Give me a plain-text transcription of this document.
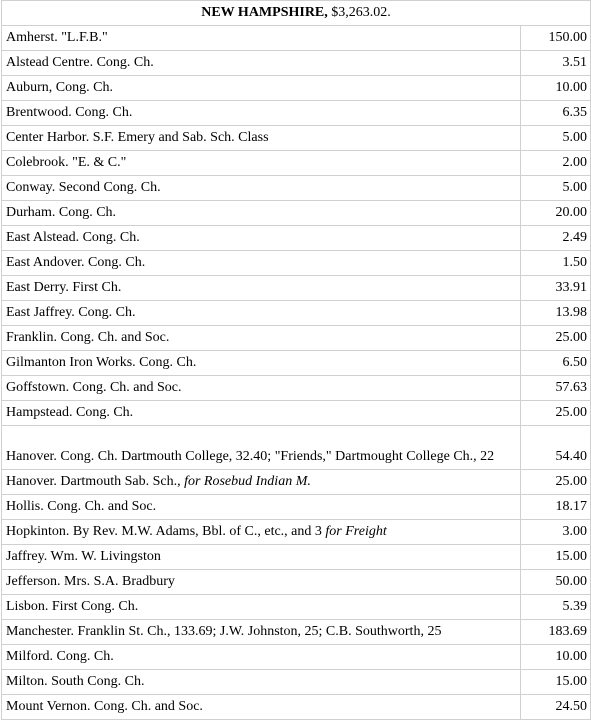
NEW HAMPSHIRE, $3,263.02.	
Amherst. "L.F.B."	150.00
Alstead Centre. Cong. Ch.	3.51
Auburn, Cong. Ch.	10.00
Brentwood. Cong. Ch.	6.35
Center Harbor. S.F. Emery and Sab. Sch. Class	5.00
Colebrook. "E. & C."	2.00
Conway. Second Cong. Ch.	5.00
Durham. Cong. Ch.	20.00
East Alstead. Cong. Ch.	2.49
East Andover. Cong. Ch.	1.50
East Derry. First Ch.	33.91
East Jaffrey. Cong. Ch.	13.98
Franklin. Cong. Ch. and Soc.	25.00
Gilmanton Iron Works. Cong. Ch.	6.50
Goffstown. Cong. Ch. and Soc.	57.63
Hampstead. Cong. Ch.	25.00
Hanover. Cong. Ch. Dartmouth College, 32.40; "Friends," Dartmought College Ch., 22	54.40
Hanover. Dartmouth Sab. Sch., for Rosebud Indian M.	25.00
Hollis. Cong. Ch. and Soc.	18.17
Hopkinton. By Rev. M.W. Adams, Bbl. of C., etc., and 3 for Freight	3.00
Jaffrey. Wm. W. Livingston	15.00
Jefferson. Mrs. S.A. Bradbury	50.00
Lisbon. First Cong. Ch.	5.39
Manchester. Franklin St. Ch., 133.69; J.W. Johnston, 25; C.B. Southworth, 25	183.69
Milford. Cong. Ch.	10.00
Milton. South Cong. Ch.	15.00
Mount Vernon. Cong. Ch. and Soc.	24.50
